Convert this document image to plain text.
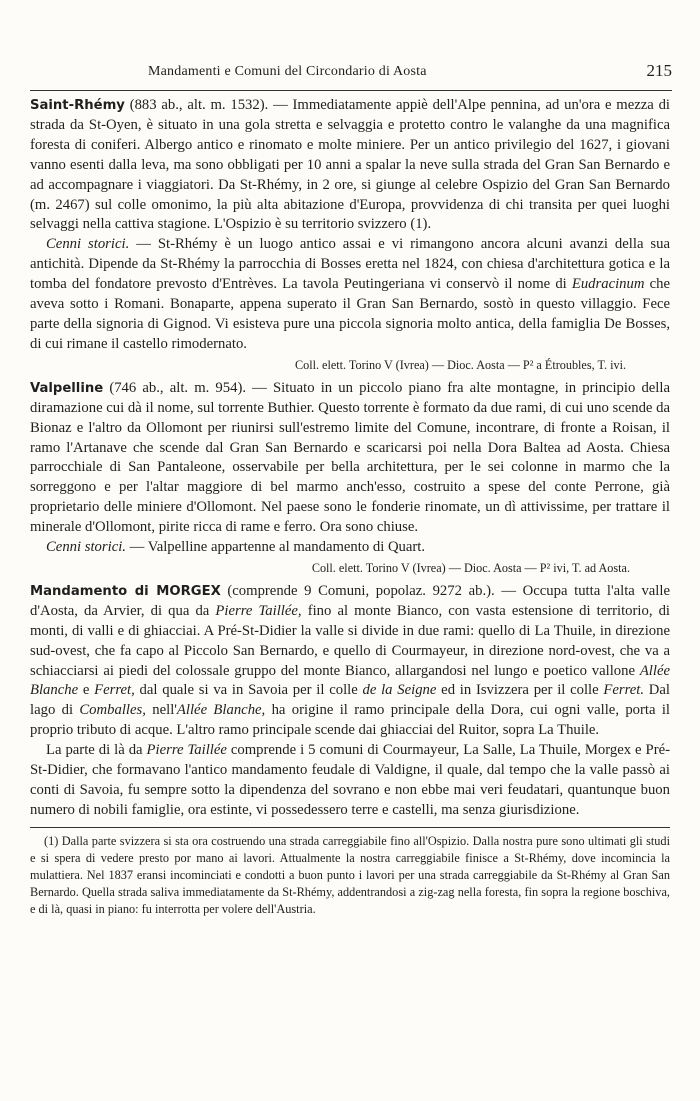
Mandamenti e Comuni del Circondario di Aosta	215

Saint-Rhémy (883 ab., alt. m. 1532). — Immediatamente appiè dell'Alpe pennina, ad un'ora e mezza di strada da St-Oyen, è situato in una gola stretta e selvaggia e protetto contro le valanghe da una magnifica foresta di coniferi. Albergo antico e rinomato e molte miniere. Per un antico privilegio del 1627, i giovani vanno esenti dalla leva, ma sono obbligati per 10 anni a spalar la neve sulla strada del Gran San Bernardo e ad accompagnare i viaggiatori. Da St-Rhémy, in 2 ore, si giunge al celebre Ospizio del Gran San Bernardo (m. 2467) sul colle omonimo, la più alta abitazione d'Europa, provvidenza di chi transita per quei luoghi selvaggi nella cattiva stagione. L'Ospizio è su territorio svizzero (1).
Cenni storici. — St-Rhémy è un luogo antico assai e vi rimangono ancora alcuni avanzi della sua antichità. Dipende da St-Rhémy la parrocchia di Bosses eretta nel 1824, con chiesa d'architettura gotica e la tomba del fondatore prevosto d'Entrèves. La tavola Peutingeriana vi conservò il nome di Eudracinum che aveva sotto i Romani. Bonaparte, appena superato il Gran San Bernardo, sostò in questo villaggio. Fece parte della signoria di Gignod. Vi esisteva pure una piccola signoria molto antica, della famiglia De Bosses, di cui rimane il castello rimodernato.

Coll. elett. Torino V (Ivrea) — Dioc. Aosta — P² a Étroubles, T. ivi.

Valpelline (746 ab., alt. m. 954). — Situato in un piccolo piano fra alte montagne, in principio della diramazione cui dà il nome, sul torrente Buthier. Questo torrente è formato da due rami, di cui uno scende da Bionaz e l'altro da Ollomont per riunirsi sull'estremo limite del Comune, incontrare, di fronte a Roisan, il ramo l'Artanave che scende dal Gran San Bernardo e scaricarsi poi nella Dora Baltea ad Aosta. Chiesa parrocchiale di San Pantaleone, osservabile per bella architettura, per le sei colonne in marmo che la sorreggono e per l'altar maggiore di bel marmo anch'esso, costruito a spese del conte Perrone, già proprietario delle miniere d'Ollomont. Nel paese sono le fonderie rinomate, un dì attivissime, per trattare il minerale d'Ollomont, pirite ricca di rame e ferro. Ora sono chiuse.
Cenni storici. — Valpelline appartenne al mandamento di Quart.

Coll. elett. Torino V (Ivrea) — Dioc. Aosta — P² ivi, T. ad Aosta.

Mandamento di MORGEX (comprende 9 Comuni, popolaz. 9272 ab.). — Occupa tutta l'alta valle d'Aosta, da Arvier, di qua da Pierre Taillée, fino al monte Bianco, con vasta estensione di territorio, di monti, di valli e di ghiacciai. A Pré-St-Didier la valle si divide in due rami: quello di La Thuile, in direzione sud-ovest, che fa capo al Piccolo San Bernardo, e quello di Courmayeur, in direzione nord-ovest, che va a schiacciarsi ai piedi del colossale gruppo del monte Bianco, allargandosi nel lungo e poetico vallone Allée Blanche e Ferret, dal quale si va in Savoia per il colle de la Seigne ed in Isvizzera per il colle Ferret. Dal lago di Comballes, nell'Allée Blanche, ha origine il ramo principale della Dora, cui ogni valle, porta il proprio tributo di acque. L'altro ramo principale scende dai ghiacciai del Ruitor, sopra La Thuile.
La parte di là da Pierre Taillée comprende i 5 comuni di Courmayeur, La Salle, La Thuile, Morgex e Pré-St-Didier, che formavano l'antico mandamento feudale di Valdigne, il quale, dal tempo che la valle passò ai conti di Savoia, fu sempre sotto la dipendenza del sovrano e non ebbe mai veri feudatari, quantunque buon numero di nobili famiglie, ora estinte, vi possedessero terre e castelli, ma senza giurisdizione.

(1) Dalla parte svizzera si sta ora costruendo una strada carreggiabile fino all'Ospizio. Dalla nostra pure sono ultimati gli studi e si spera di vedere presto por mano ai lavori. Attualmente la nostra carreggiabile finisce a St-Rhémy, dove incomincia la mulattiera. Nel 1837 eransi incominciati e condotti a buon punto i lavori per una strada carreggiabile da St-Rhémy al Gran San Bernardo. Quella strada saliva immediatamente da St-Rhémy, addentrandosi a zig-zag nella foresta, fin sopra la regione boschiva, e di là, quasi in piano: fu interrotta per volere dell'Austria.
